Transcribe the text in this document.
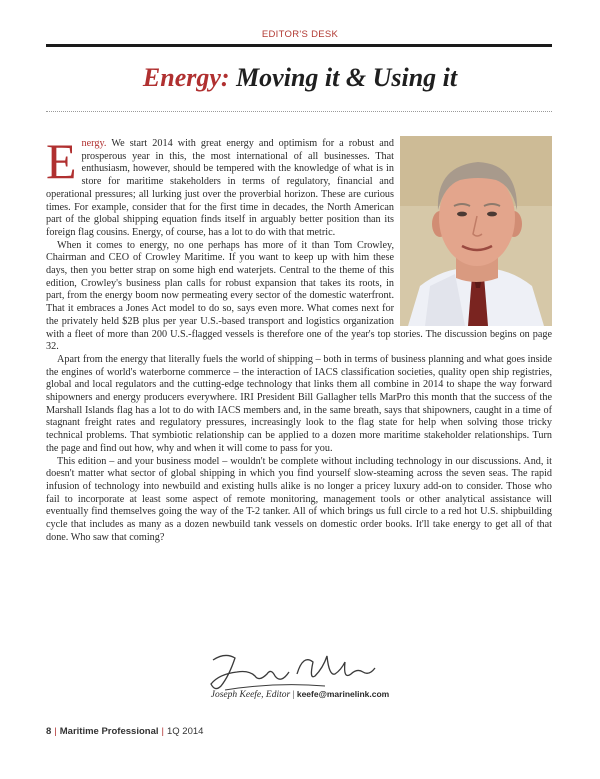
EDITOR'S DESK
Energy: Moving it & Using it

Energy. We start 2014 with great energy and optimism for a robust and prosperous year in this, the most international of all businesses. That enthusiasm, however, should be tempered with the knowledge of what is in store for maritime stakeholders in terms of regulatory, financial and operational pressures; all lurking just over the proverbial horizon. These are curious times. For example, consider that for the first time in decades, the North American part of the global shipping equation finds itself in arguably better position than its foreign flag cousins. Energy, of course, has a lot to do with that metric.

When it comes to energy, no one perhaps has more of it than Tom Crowley, Chairman and CEO of Crowley Maritime. If you want to keep up with him these days, then you better strap on some high end waterjets. Central to the theme of this edition, Crowley's business plan calls for robust expansion that takes its roots, in part, from the energy boom now permeating every sector of the domestic waterfront. That it embraces a Jones Act model to do so, says even more. What comes next for the privately held $2B plus per year U.S.-based transport and logistics organization with a fleet of more than 200 U.S.-flagged vessels is therefore one of the year's top stories. The discussion begins on page 32.

Apart from the energy that literally fuels the world of shipping – both in terms of business planning and what goes inside the engines of world's waterborne commerce – the interaction of IACS classification societies, quality open ship registries, global and local regulators and the cutting-edge technology that links them all combine in 2014 to shape the way forward shipowners and energy producers everywhere. IRI President Bill Gallagher tells MarPro this month that the success of the Marshall Islands flag has a lot to do with IACS members and, in the same breath, says that shipowners, caught in a time of stagnant freight rates and regulatory pressures, increasingly look to the flag state for help when solving those tricky technical problems. That symbiotic relationship can be applied to a dozen more maritime stakeholder relationships. Turn the page and find out how, why and when it will come to pass for you.

This edition – and your business model – wouldn't be complete without including technology in our discussions. And, it doesn't matter what sector of global shipping in which you find yourself slow-steaming across the seven seas. The rapid infusion of technology into newbuild and existing hulls alike is no longer a pricey luxury add-on to consider. Those who fail to incorporate at least some aspect of remote monitoring, management tools or other analytical assistance will eventually find themselves going the way of the T-2 tanker. All of which brings us full circle to a red hot U.S. shipbuilding cycle that includes as many as a dozen newbuild tank vessels on domestic order books. It'll take energy to get all of that done. Who saw that coming?

Joseph Keefe, Editor | keefe@marinelink.com
8 | Maritime Professional | 1Q 2014
